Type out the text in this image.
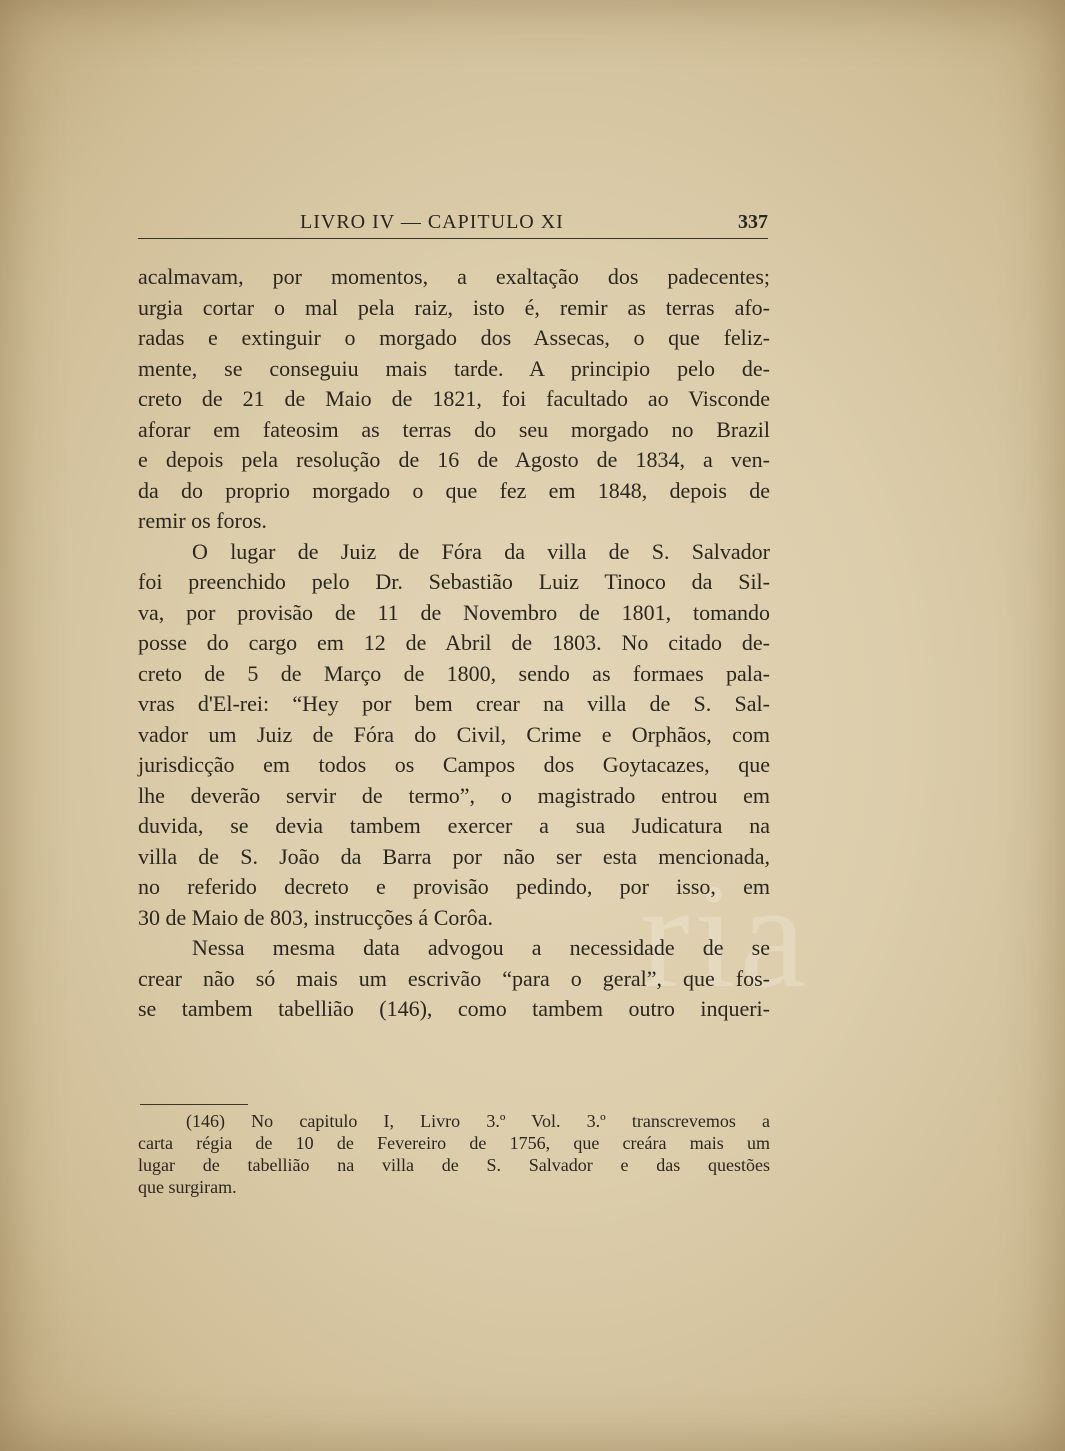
ria
LIVRO IV — CAPITULO XI	337
acalmavam, por momentos, a exaltação dos padecentes;
urgia cortar o mal pela raiz, isto é, remir as terras afo-
radas e extinguir o morgado dos Assecas, o que feliz-
mente, se conseguiu mais tarde. A principio pelo de-
creto de 21 de Maio de 1821, foi facultado ao Visconde
aforar em fateosim as terras do seu morgado no Brazil
e depois pela resolução de 16 de Agosto de 1834, a ven-
da do proprio morgado o que fez em 1848, depois de
remir os foros.
O lugar de Juiz de Fóra da villa de S. Salvador
foi preenchido pelo Dr. Sebastião Luiz Tinoco da Sil-
va, por provisão de 11 de Novembro de 1801, tomando
posse do cargo em 12 de Abril de 1803. No citado de-
creto de 5 de Março de 1800, sendo as formaes pala-
vras d'El-rei: “Hey por bem crear na villa de S. Sal-
vador um Juiz de Fóra do Civil, Crime e Orphãos, com
jurisdicção em todos os Campos dos Goytacazes, que
lhe deverão servir de termo”, o magistrado entrou em
duvida, se devia tambem exercer a sua Judicatura na
villa de S. João da Barra por não ser esta mencionada,
no referido decreto e provisão pedindo, por isso, em
30 de Maio de 803, instrucções á Corôa.
Nessa mesma data advogou a necessidade de se
crear não só mais um escrivão “para o geral”, que fos-
se tambem tabellião (146), como tambem outro inqueri-
(146) No capitulo I, Livro 3.º Vol. 3.º transcrevemos a
carta régia de 10 de Fevereiro de 1756, que creára mais um
lugar de tabellião na villa de S. Salvador e das questões
que surgiram.
